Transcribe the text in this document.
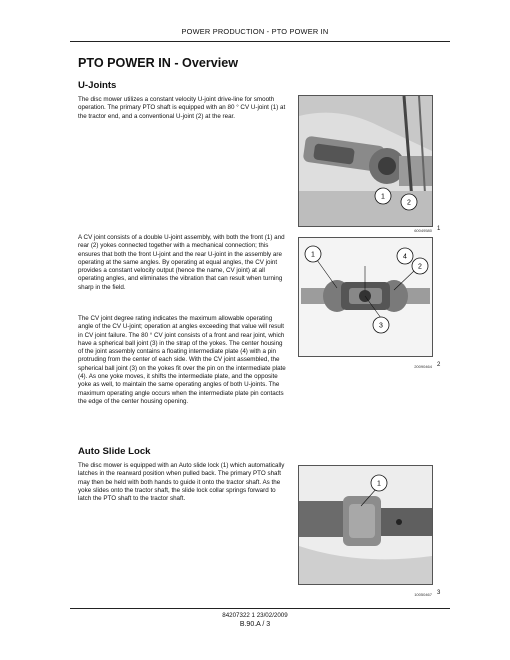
POWER PRODUCTION - PTO POWER IN
PTO POWER IN - Overview
U-Joints

The disc mower utilizes a constant velocity U-joint drive-line for smooth operation. The primary PTO shaft is equipped with an 80 ° CV U-joint (1) at the tractor end, and a conventional U-joint (2) at the rear.

1
2
60049580 1

A CV joint consists of a double U-joint assembly, with both the front (1) and rear (2) yokes connected together with a mechanical connection; this ensures that both the front U-joint and the rear U-joint in the assembly are operating at the same angles. By operating at equal angles, the CV joint provides a constant velocity output (hence the name, CV joint) at all operating angles, and eliminates the vibration that can result when turning sharp in the field.

1	4
2
3
20090464 2

The CV joint degree rating indicates the maximum allowable operating angle of the CV U-joint; operation at angles exceeding that value will result in CV joint failure. The 80 ° CV joint consists of a front and rear joint, which have a spherical ball joint (3) in the strap of the yokes. The center housing of the joint assembly contains a floating intermediate plate (4) with a pin protruding from the center of each side. With the CV joint assembled, the spherical ball joint (3) on the yokes fit over the pin on the intermediate plate (4). As one yoke moves, it shifts the intermediate plate, and the opposite yoke as well, to maintain the same operating angles of both U-joints. The maximum operating angle occurs when the intermediate plate pin contacts the edge of the center housing opening.

Auto Slide Lock

The disc mower is equipped with an Auto slide lock (1) which automatically latches in the rearward position when pulled back. The primary PTO shaft may then be held with both hands to guide it onto the tractor shaft. As the yoke slides onto the tractor shaft, the slide lock collar springs forward to latch the PTO shaft to the tractor shaft.

1
10050467 3
84207322 1 23/02/2009
B.90.A / 3
